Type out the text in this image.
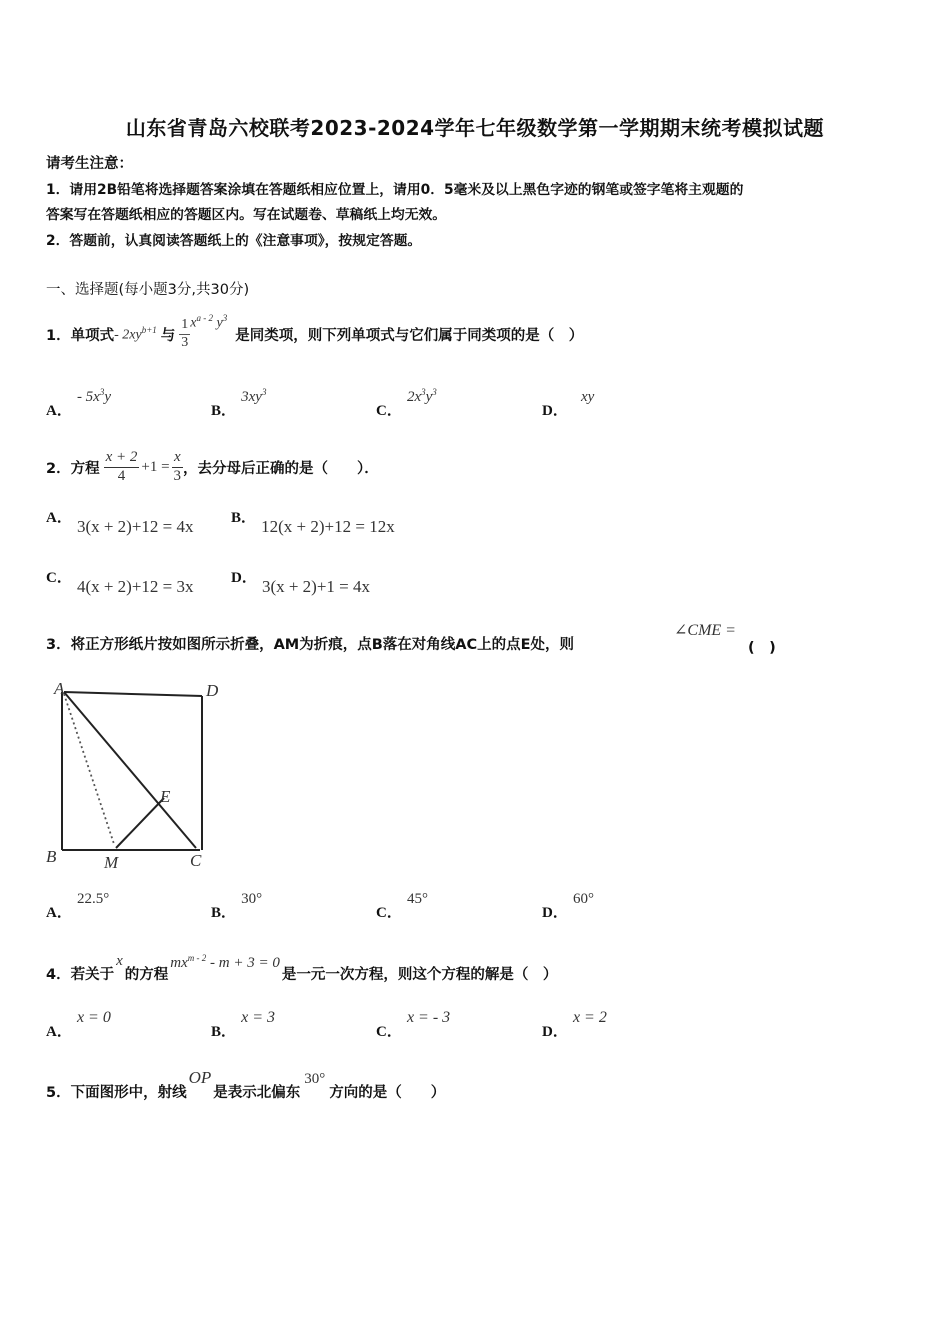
山东省青岛六校联考2023-2024学年七年级数学第一学期期末统考模拟试题
请考生注意：
1．请用2B铅笔将选择题答案涂填在答题纸相应位置上，请用0．5毫米及以上黑色字迹的钢笔或签字笔将主观题的
答案写在答题纸相应的答题区内。写在试题卷、草稿纸上均无效。
2．答题前，认真阅读答题纸上的《注意事项》，按规定答题。
一、选择题(每小题3分,共30分)
1．单项式 - $2xy^{b+1}$ 与 $\frac{1}{3} x^{a - 2}$ $y^3$
是同类项，则下列单项式与它们属于同类项的是（　）
A． - $5x^3y$
B． $3xy^3$
C． $2x^3y^3$
D． xy
2．方程 $\frac{x + 2}{4} +1 = \frac{x}{3}$ ，去分母后正确的是（　　）．
A． 3(x + 2)+12 = 4x B． 12(x + 2)+12 = 12x
C． 4(x + 2)+12 = 3x D． 3(x + 2)+1 = 4x
3．将正方形纸片按如图所示折叠，AM为折痕，点B落在对角线AC上的点E处，则
∠CME =
(　)
A	D
B	C
E
M
A． 22.5°
B． 30°
C． 45°
D． 60°
4．若关于
x
的方程
$mx^{m - 2} - m + 3 = 0$
是一元一次方程，则这个方程的解是（　）
A． x = 0
B． x = 3
C． x = - 3
D． x = 2
5．下面图形中，射线
OP
是表示北偏东
30°
方向的是（　　）
